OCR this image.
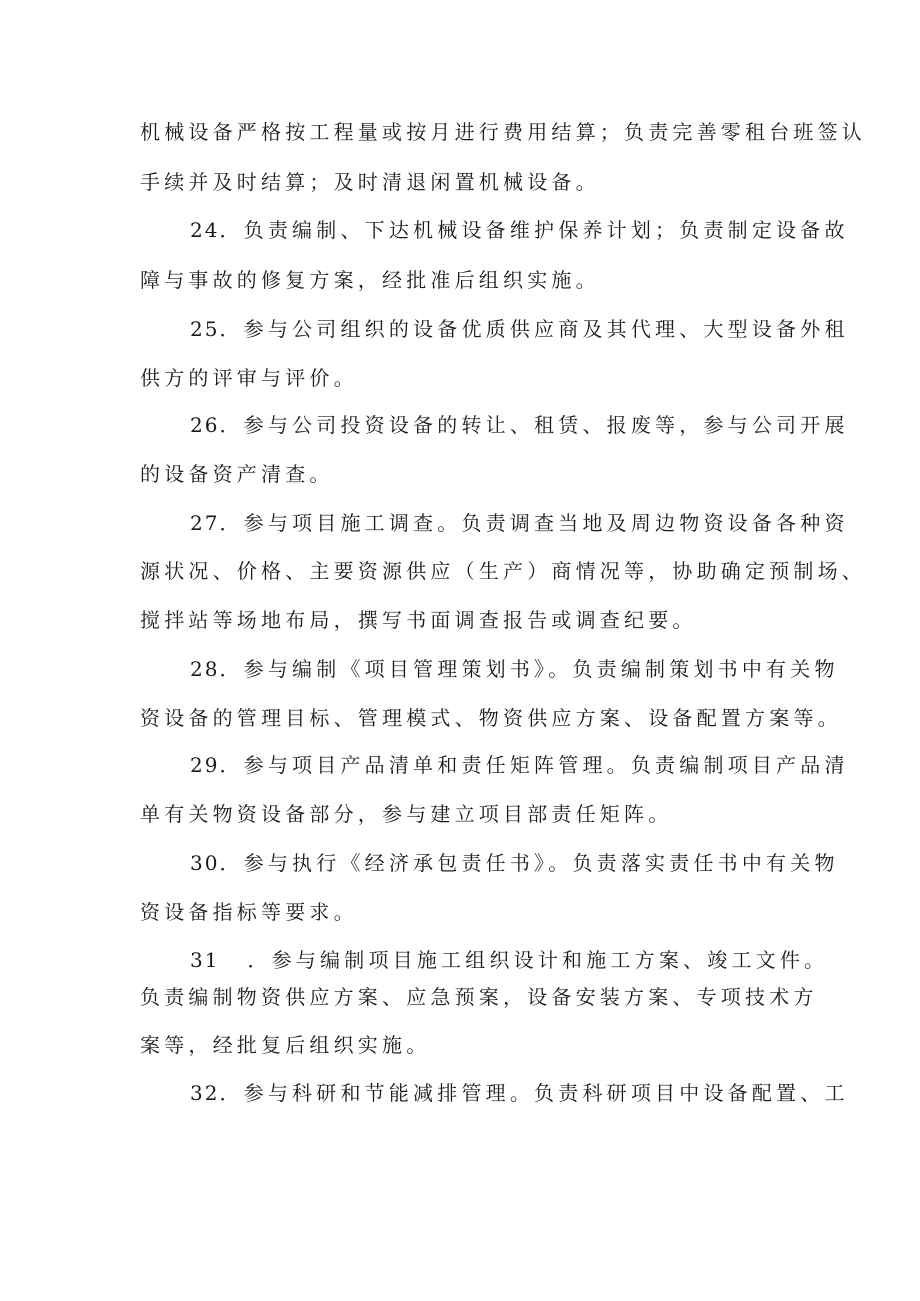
机械设备严格按工程量或按月进行费用结算；负责完善零租台班签认
手续并及时结算；及时清退闲置机械设备。
24．负责编制、下达机械设备维护保养计划；负责制定设备故
障与事故的修复方案，经批准后组织实施。
25．参与公司组织的设备优质供应商及其代理、大型设备外租
供方的评审与评价。
26．参与公司投资设备的转让、租赁、报废等，参与公司开展
的设备资产清查。
27．参与项目施工调查。负责调查当地及周边物资设备各种资
源状况、价格、主要资源供应（生产）商情况等，协助确定预制场、
搅拌站等场地布局，撰写书面调查报告或调查纪要。
28．参与编制《项目管理策划书》。负责编制策划书中有关物
资设备的管理目标、管理模式、物资供应方案、设备配置方案等。
29．参与项目产品清单和责任矩阵管理。负责编制项目产品清
单有关物资设备部分，参与建立项目部责任矩阵。
30．参与执行《经济承包责任书》。负责落实责任书中有关物
资设备指标等要求。
31 ．参与编制项目施工组织设计和施工方案、竣工文件。
负责编制物资供应方案、应急预案，设备安装方案、专项技术方
案等，经批复后组织实施。
32．参与科研和节能减排管理。负责科研项目中设备配置、工
